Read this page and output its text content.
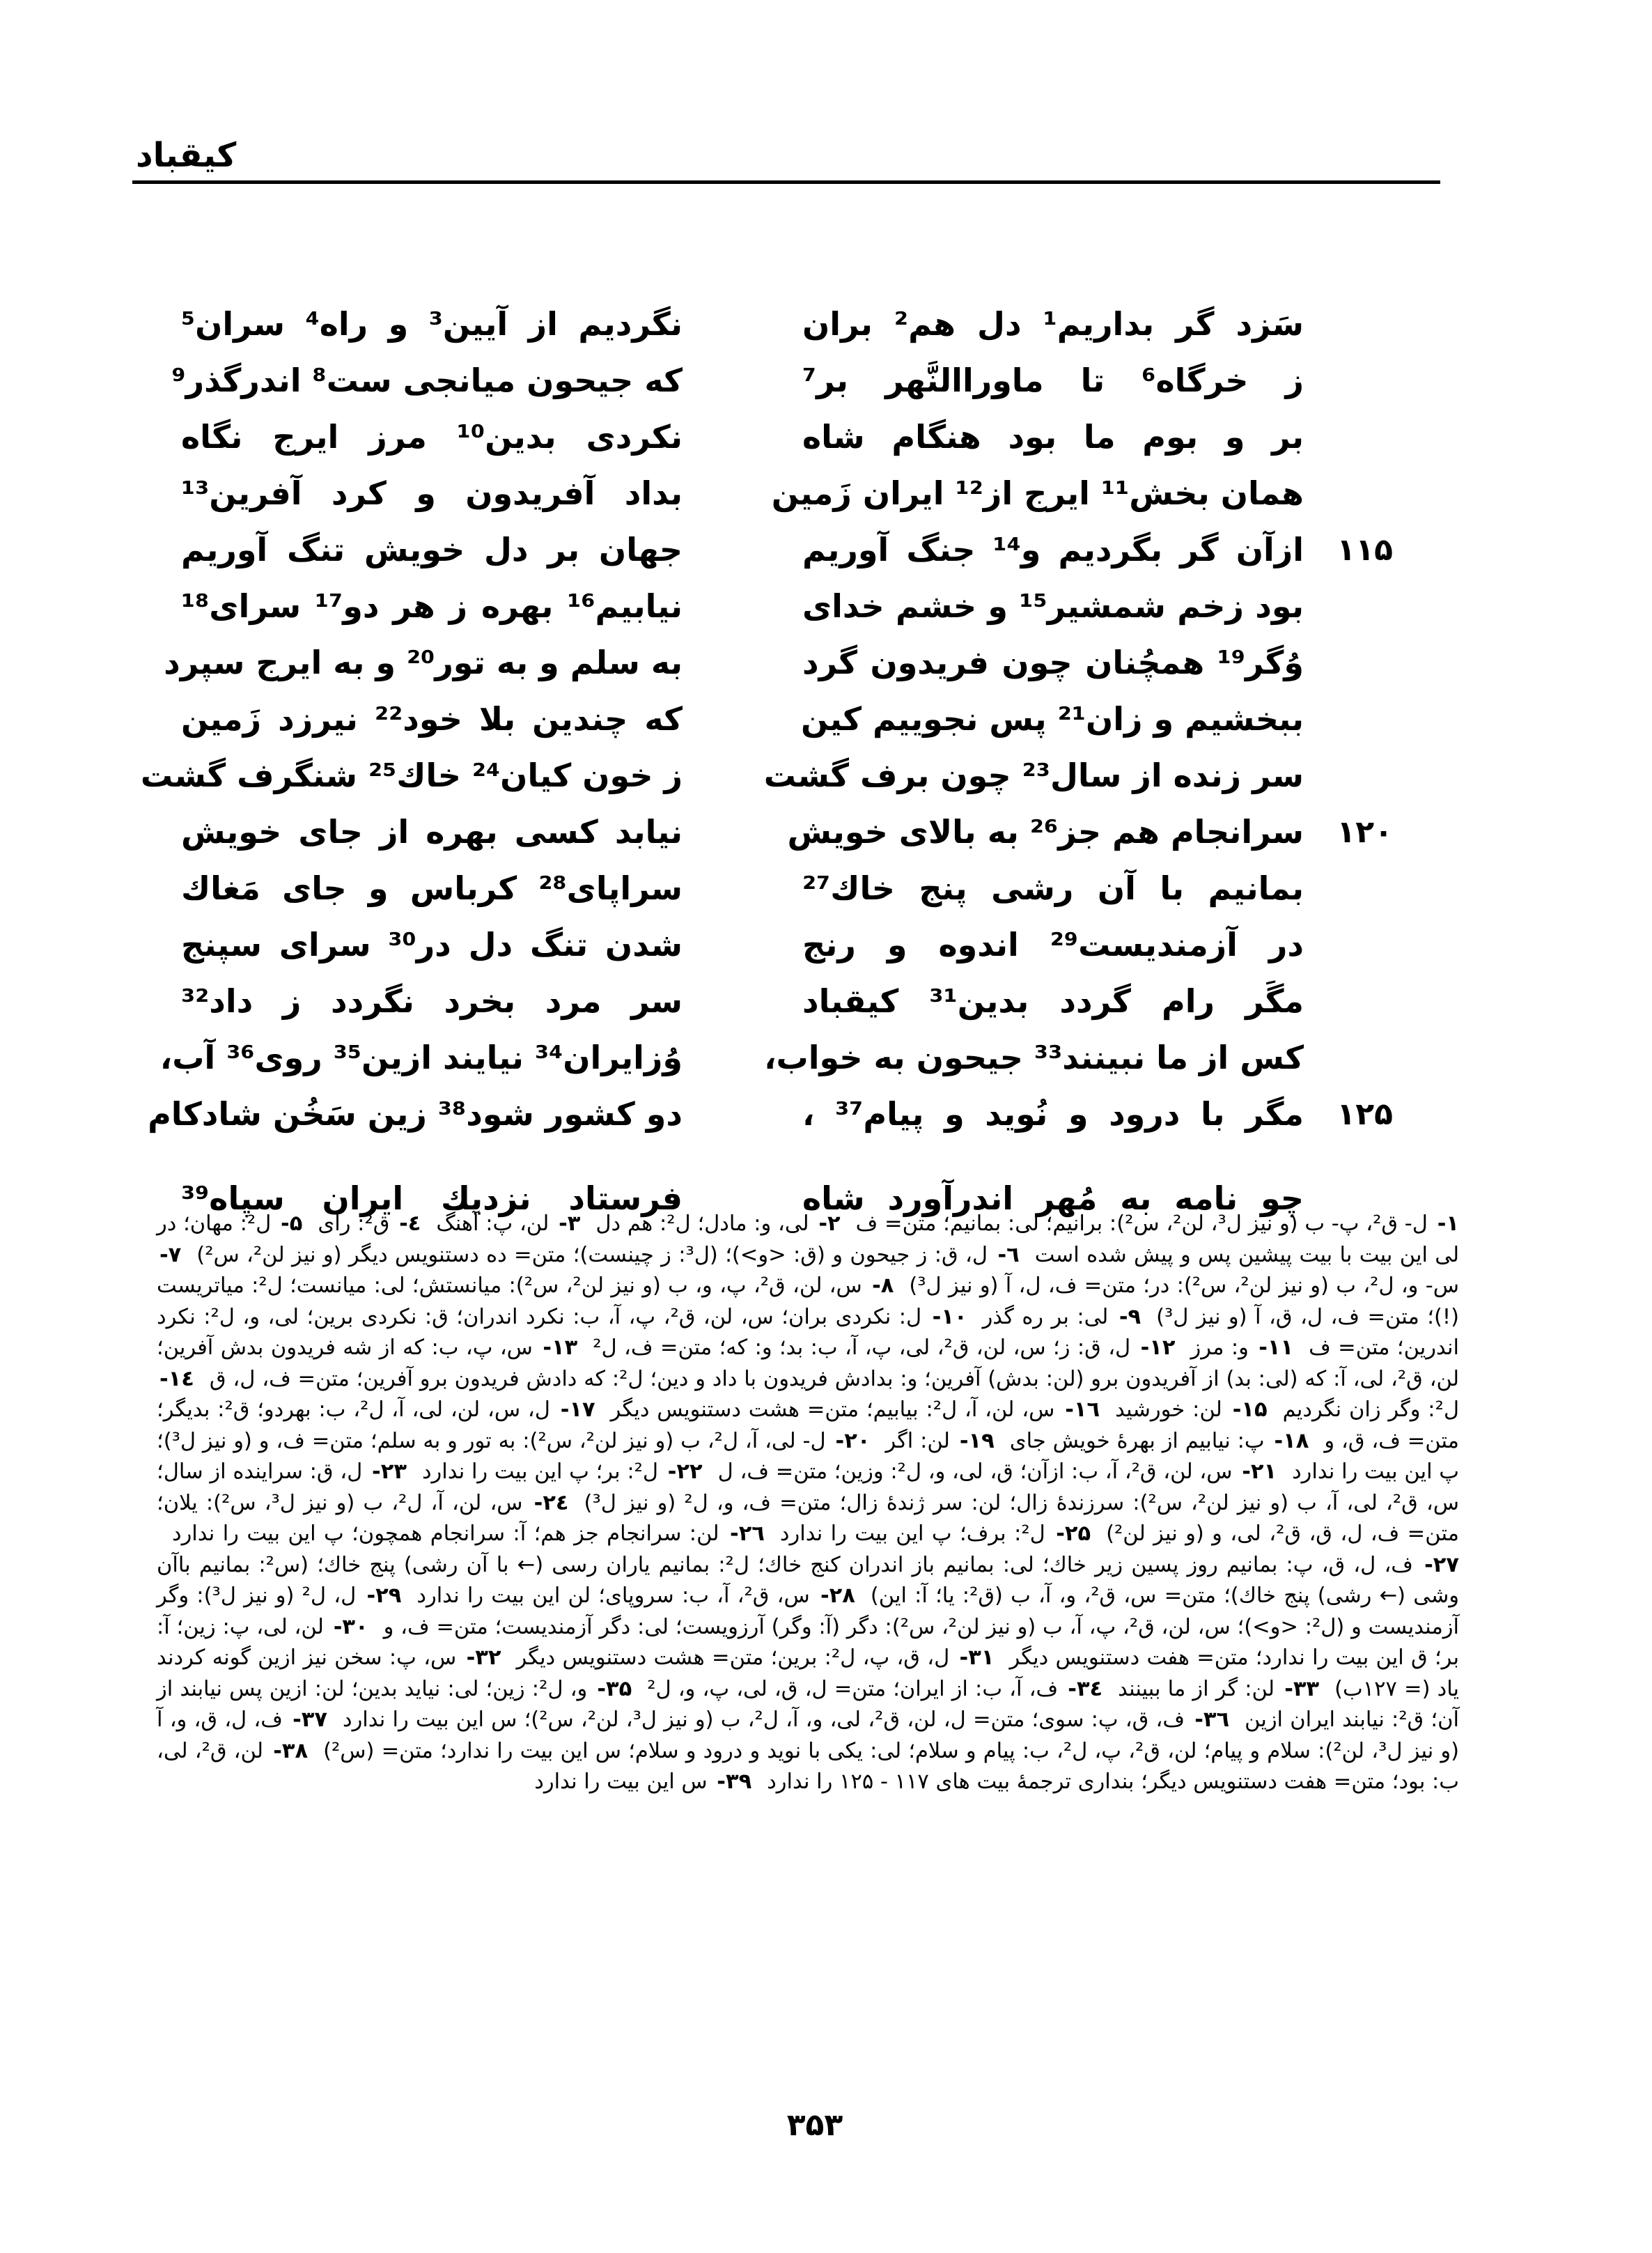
کیقباد
سَزد گر بداریم¹ دل هم² بران
نگردیم از آیین³ و راه⁴ سران⁵
ز خرگاه⁶ تا ماوراالنَّهر بر⁷
که جیحون میانجی ست⁸ اندرگذر⁹
بر و بوم ما بود هنگام شاه
نکردی بدین¹⁰ مرز ایرج نگاه
همان بخش¹¹ ایرج از¹² ایران زَمین
بداد آفریدون و کرد آفرین¹³
۱۱۵
ازآن گر بگردیم و¹⁴ جنگ آوریم
جهان بر دل خویش تنگ آوریم
بود زخم شمشیر¹⁵ و خشم خدای
نیابیم¹⁶ بهره ز هر دو¹⁷ سرای¹⁸
وُگر¹⁹ همچُنان چون فریدون گرد
به سلم و به تور²⁰ و به ایرج سپرد
ببخشیم و زان²¹ پس نجوییم کین
که چندین بلا خود²² نیرزد زَمین
سر زنده از سال²³ چون برف گشت
ز خون کیان²⁴ خاك²⁵ شنگرف گشت
۱۲۰
سرانجام هم جز²⁶ به بالای خویش
نیابد کسی بهره از جای خویش
بمانیم با آن رشی پنج خاك²⁷
سراپای²⁸ کرباس و جای مَغاك
در آزمندیست²⁹ اندوه و رنج
شدن تنگ دل در³⁰ سرای سپنج
مگَر رام گردد بدین³¹ کیقباد
سر مرد بخرد نگردد ز داد³²
کس از ما نبینند³³ جیحون به خواب،
وُزایران³⁴ نیایند ازین³⁵ روی³⁶ آب،
۱۲۵
مگر با درود و نُوید و پیام³⁷ ،
دو کشور شود³⁸ زین سَخُن شادکام
چو نامه به مُهر اندرآورد شاه
فرستاد نزدیك ایران سپاه³⁹
۱- ل- ق²، پ- ب (و نیز ل³، لن²، س²): برانیم؛ لی: بمانیم؛ متن= ف۲- لی، و: مادل؛ ل²: هم دل۳- لن، پ: آهنگ٤- ق²: رای۵- ل²: مهان؛ در لی این بیت با بیت پیشین پس و پیش شده است٦- ل، ق: ز جیحون و (ق: <و>)؛ (ل³: ز چینست)؛ متن= ده دستنویس دیگر (و نیز لن²، س²)۷- س- و، ل²، ب (و نیز لن²، س²): در؛ متن= ف، ل، آ (و نیز ل³)۸- س، لن، ق²، پ، و، ب (و نیز لن²، س²): میانستش؛ لی: میانست؛ ل²: میاتریست (!)؛ متن= ف، ل، ق، آ (و نیز ل³)۹- لی: بر ره گذر۱۰- ل: نکردی بران؛ س، لن، ق²، پ، آ، ب: نکرد اندران؛ ق: نکردی برین؛ لی، و، ل²: نکرد اندرین؛ متن= ف۱۱- و: مرز۱۲- ل، ق: ز؛ س، لن، ق²، لی، پ، آ، ب: بد؛ و: که؛ متن= ف، ل²۱۳- س، پ، ب: که از شه فریدون بدش آفرین؛ لن، ق²، لی، آ: که (لی: بد) از آفریدون برو (لن: بدش) آفرین؛ و: بدادش فریدون با داد و دین؛ ل²: که دادش فریدون برو آفرین؛ متن= ف، ل، ق١٤- ل²: وگر زان نگردیم۱۵- لن: خورشید١٦- س، لن، آ، ل²: بیابیم؛ متن= هشت دستنویس دیگر۱۷- ل، س، لن، لی، آ، ل²، ب: بهردو؛ ق²: بدیگر؛ متن= ف، ق، و۱۸- پ: نیابیم از بهرهٔ خویش جای۱۹- لن: اگر۲۰- ل- لی، آ، ل²، ب (و نیز لن²، س²): به تور و به سلم؛ متن= ف، و (و نیز ل³)؛ پ این بیت را ندارد۲۱- س، لن، ق²، آ، ب: ازآن؛ ق، لی، و، ل²: وزین؛ متن= ف، ل۲۲- ل²: بر؛ پ این بیت را ندارد۲۳- ل، ق: سراینده از سال؛ س، ق²، لی، آ، ب (و نیز لن²، س²): سرزندهٔ زال؛ لن: سر ژندهٔ زال؛ متن= ف، و، ل² (و نیز ل³)٢٤- س، لن، آ، ل²، ب (و نیز ل³، س²): یلان؛ متن= ف، ل، ق، ق²، لی، و (و نیز لن²)۲۵- ل²: برف؛ پ این بیت را ندارد٢٦- لن: سرانجام جز هم؛ آ: سرانجام همچون؛ پ این بیت را ندارد۲۷- ف، ل، ق، پ: بمانیم روز پسین زیر خاك؛ لی: بمانیم باز اندران کنج خاك؛ ل²: بمانیم یاران رسی (← با آن رشی) پنج خاك؛ (س²: بمانیم باآن وشی (← رشی) پنج خاك)؛ متن= س، ق²، و، آ، ب (ق²: یا؛ آ: این)۲۸- س، ق²، آ، ب: سروپای؛ لن این بیت را ندارد۲۹- ل، ل² (و نیز ل³): وگر آزمندیست و (ل²: <و>)؛ س، لن، ق²، پ، آ، ب (و نیز لن²، س²): دگر (آ: وگر) آرزویست؛ لی: دگر آزمندیست؛ متن= ف، و۳۰- لن، لی، پ: زین؛ آ: بر؛ ق این بیت را ندارد؛ متن= هفت دستنویس دیگر۳۱- ل، ق، پ، ل²: برین؛ متن= هشت دستنویس دیگر۳۲- س، پ: سخن نیز ازین گونه کردند یاد (= ۱۲۷ب)۳۳- لن: گر از ما ببینند٣٤- ف، آ، ب: از ایران؛ متن= ل، ق، لی، پ، و، ل²۳۵- و، ل²: زین؛ لی: نیاید بدین؛ لن: ازین پس نیابند از آن؛ ق²: نیابند ایران ازین٣٦- ف، ق، پ: سوی؛ متن= ل، لن، ق²، لی، و، آ، ل²، ب (و نیز ل³، لن²، س²)؛ س این بیت را ندارد۳۷- ف، ل، ق، و، آ (و نیز ل³، لن²): سلام و پیام؛ لن، ق²، پ، ل²، ب: پیام و سلام؛ لی: یکی با نوید و درود و سلام؛ س این بیت را ندارد؛ متن= (س²)۳۸- لن، ق²، لی، ب: بود؛ متن= هفت دستنویس دیگر؛ بنداری ترجمهٔ بیت های ۱۱۷ - ۱۲۵ را ندارد۳۹- س این بیت را ندارد
۳۵۳
